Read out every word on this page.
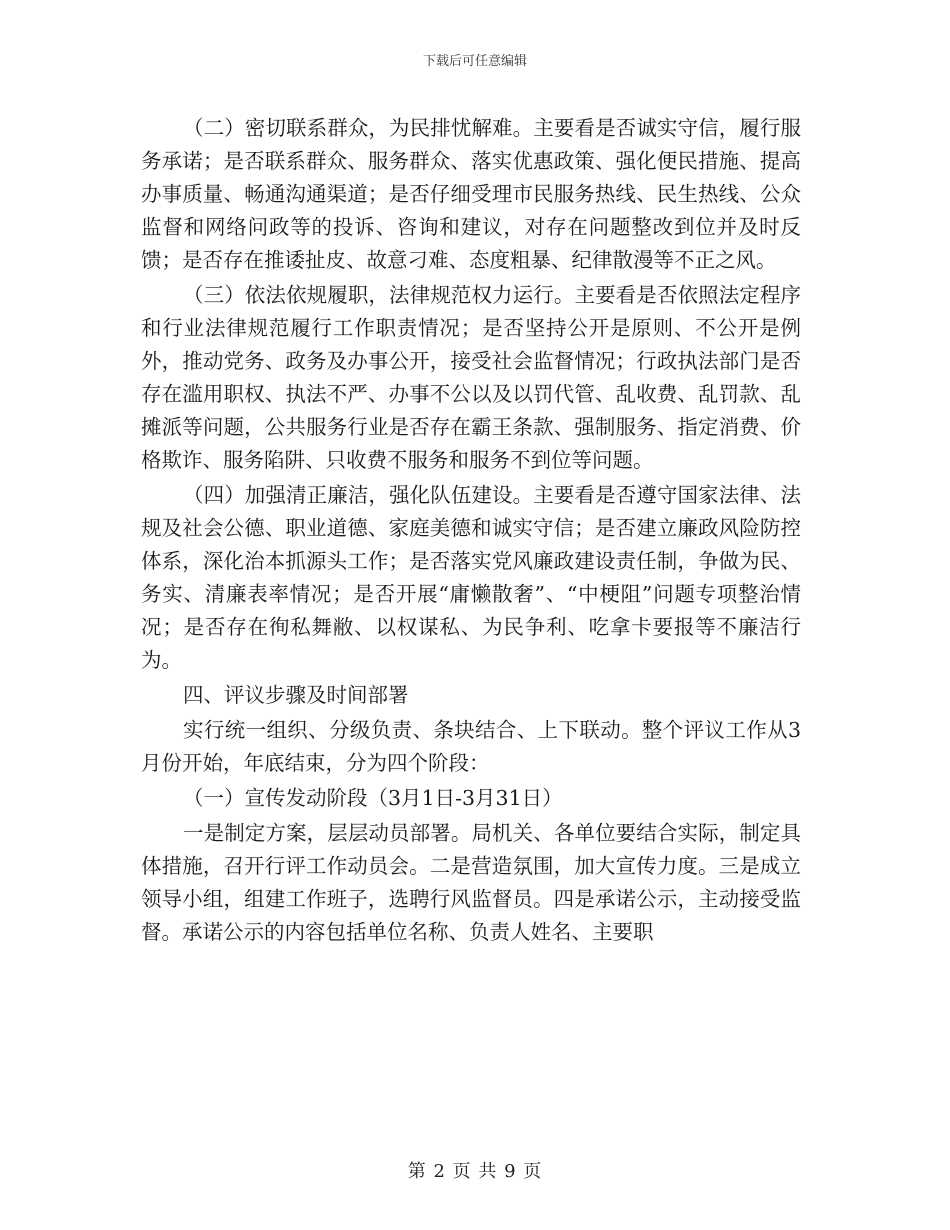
下载后可任意编辑

（二）密切联系群众，为民排忧解难。主要看是否诚实守信，履行服务承诺；是否联系群众、服务群众、落实优惠政策、强化便民措施、提高办事质量、畅通沟通渠道；是否仔细受理市民服务热线、民生热线、公众监督和网络问政等的投诉、咨询和建议，对存在问题整改到位并及时反馈；是否存在推诿扯皮、故意刁难、态度粗暴、纪律散漫等不正之风。

（三）依法依规履职，法律规范权力运行。主要看是否依照法定程序和行业法律规范履行工作职责情况；是否坚持公开是原则、不公开是例外，推动党务、政务及办事公开，接受社会监督情况；行政执法部门是否存在滥用职权、执法不严、办事不公以及以罚代管、乱收费、乱罚款、乱摊派等问题，公共服务行业是否存在霸王条款、强制服务、指定消费、价格欺诈、服务陷阱、只收费不服务和服务不到位等问题。

（四）加强清正廉洁，强化队伍建设。主要看是否遵守国家法律、法规及社会公德、职业道德、家庭美德和诚实守信；是否建立廉政风险防控体系，深化治本抓源头工作；是否落实党风廉政建设责任制，争做为民、务实、清廉表率情况；是否开展“庸懒散奢”、“中梗阻”问题专项整治情况；是否存在徇私舞敝、以权谋私、为民争利、吃拿卡要报等不廉洁行为。

四、评议步骤及时间部署

实行统一组织、分级负责、条块结合、上下联动。整个评议工作从3月份开始，年底结束，分为四个阶段：

（一）宣传发动阶段（3月1日-3月31日）

一是制定方案，层层动员部署。局机关、各单位要结合实际，制定具体措施，召开行评工作动员会。二是营造氛围，加大宣传力度。三是成立领导小组，组建工作班子，选聘行风监督员。四是承诺公示，主动接受监督。承诺公示的内容包括单位名称、负责人姓名、主要职

第 2 页 共 9 页
